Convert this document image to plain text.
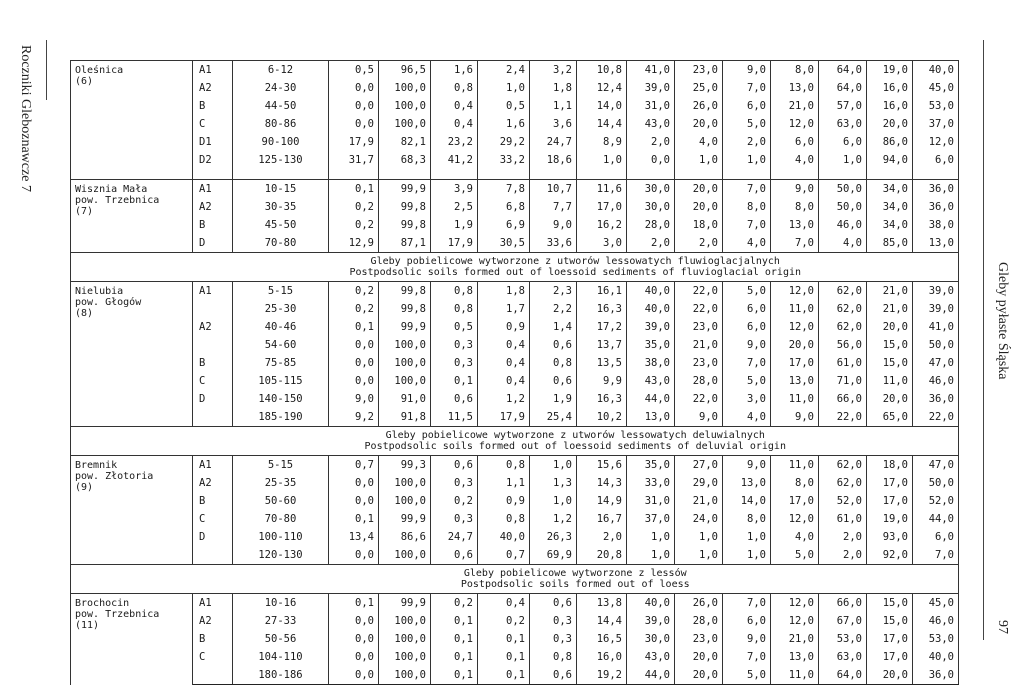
Roczniki Gleboznawcze 7
Gleby pyłaste Śląska
97
Oleśnica
(6)	A1	6-12	0,5	96,5	1,6	2,4	3,2	10,8	41,0	23,0	9,0	8,0	64,0	19,0	40,0
	A2	24-30	0,0	100,0	0,8	1,0	1,8	12,4	39,0	25,0	7,0	13,0	64,0	16,0	45,0
	B	44-50	0,0	100,0	0,4	0,5	1,1	14,0	31,0	26,0	6,0	21,0	57,0	16,0	53,0
	C	80-86	0,0	100,0	0,4	1,6	3,6	14,4	43,0	20,0	5,0	12,0	63,0	20,0	37,0
	D1	90-100	17,9	82,1	23,2	29,2	24,7	8,9	2,0	4,0	2,0	6,0	6,0	86,0	12,0
	D2	125-130	31,7	68,3	41,2	33,2	18,6	1,0	0,0	1,0	1,0	4,0	1,0	94,0	6,0

Wisznia Mała
pow. Trzebnica
(7)	A1	10-15	0,1	99,9	3,9	7,8	10,7	11,6	30,0	20,0	7,0	9,0	50,0	34,0	36,0
	A2	30-35	0,2	99,8	2,5	6,8	7,7	17,0	30,0	20,0	8,0	8,0	50,0	34,0	36,0
	B	45-50	0,2	99,8	1,9	6,9	9,0	16,2	28,0	18,0	7,0	13,0	46,0	34,0	38,0
	D	70-80	12,9	87,1	17,9	30,5	33,6	3,0	2,0	2,0	4,0	7,0	4,0	85,0	13,0

	Gleby pobielicowe wytworzone z utworów lessowatych fluwioglacjalnych
Postpodsolic soils formed out of loessoid sediments of fluvioglacial origin														

Nielubia
pow. Głogów
(8)	A1	5-15	0,2	99,8	0,8	1,8	2,3	16,1	40,0	22,0	5,0	12,0	62,0	21,0	39,0
		25-30	0,2	99,8	0,8	1,7	2,2	16,3	40,0	22,0	6,0	11,0	62,0	21,0	39,0
	A2	40-46	0,1	99,9	0,5	0,9	1,4	17,2	39,0	23,0	6,0	12,0	62,0	20,0	41,0
		54-60	0,0	100,0	0,3	0,4	0,6	13,7	35,0	21,0	9,0	20,0	56,0	15,0	50,0
	B	75-85	0,0	100,0	0,3	0,4	0,8	13,5	38,0	23,0	7,0	17,0	61,0	15,0	47,0
	C	105-115	0,0	100,0	0,1	0,4	0,6	9,9	43,0	28,0	5,0	13,0	71,0	11,0	46,0
	D	140-150	9,0	91,0	0,6	1,2	1,9	16,3	44,0	22,0	3,0	11,0	66,0	20,0	36,0
		185-190	9,2	91,8	11,5	17,9	25,4	10,2	13,0	9,0	4,0	9,0	22,0	65,0	22,0

	Gleby pobielicowe wytworzone z utworów lessowatych deluwialnych
Postpodsolic soils formed out of loessoid sediments of deluvial origin														

Bremnik
pow. Złotoria
(9)	A1	5-15	0,7	99,3	0,6	0,8	1,0	15,6	35,0	27,0	9,0	11,0	62,0	18,0	47,0
	A2	25-35	0,0	100,0	0,3	1,1	1,3	14,3	33,0	29,0	13,0	8,0	62,0	17,0	50,0
	B	50-60	0,0	100,0	0,2	0,9	1,0	14,9	31,0	21,0	14,0	17,0	52,0	17,0	52,0
	C	70-80	0,1	99,9	0,3	0,8	1,2	16,7	37,0	24,0	8,0	12,0	61,0	19,0	44,0
	D	100-110	13,4	86,6	24,7	40,0	26,3	2,0	1,0	1,0	1,0	4,0	2,0	93,0	6,0
		120-130	0,0	100,0	0,6	0,7	69,9	20,8	1,0	1,0	1,0	5,0	2,0	92,0	7,0

	Gleby pobielicowe wytworzone z lessów
Postpodsolic soils formed out of loess														

Brochocin
pow. Trzebnica
(11)	A1	10-16	0,1	99,9	0,2	0,4	0,6	13,8	40,0	26,0	7,0	12,0	66,0	15,0	45,0
	A2	27-33	0,0	100,0	0,1	0,2	0,3	14,4	39,0	28,0	6,0	12,0	67,0	15,0	46,0
	B	50-56	0,0	100,0	0,1	0,1	0,3	16,5	30,0	23,0	9,0	21,0	53,0	17,0	53,0
	C	104-110	0,0	100,0	0,1	0,1	0,8	16,0	43,0	20,0	7,0	13,0	63,0	17,0	40,0
		180-186	0,0	100,0	0,1	0,1	0,6	19,2	44,0	20,0	5,0	11,0	64,0	20,0	36,0
